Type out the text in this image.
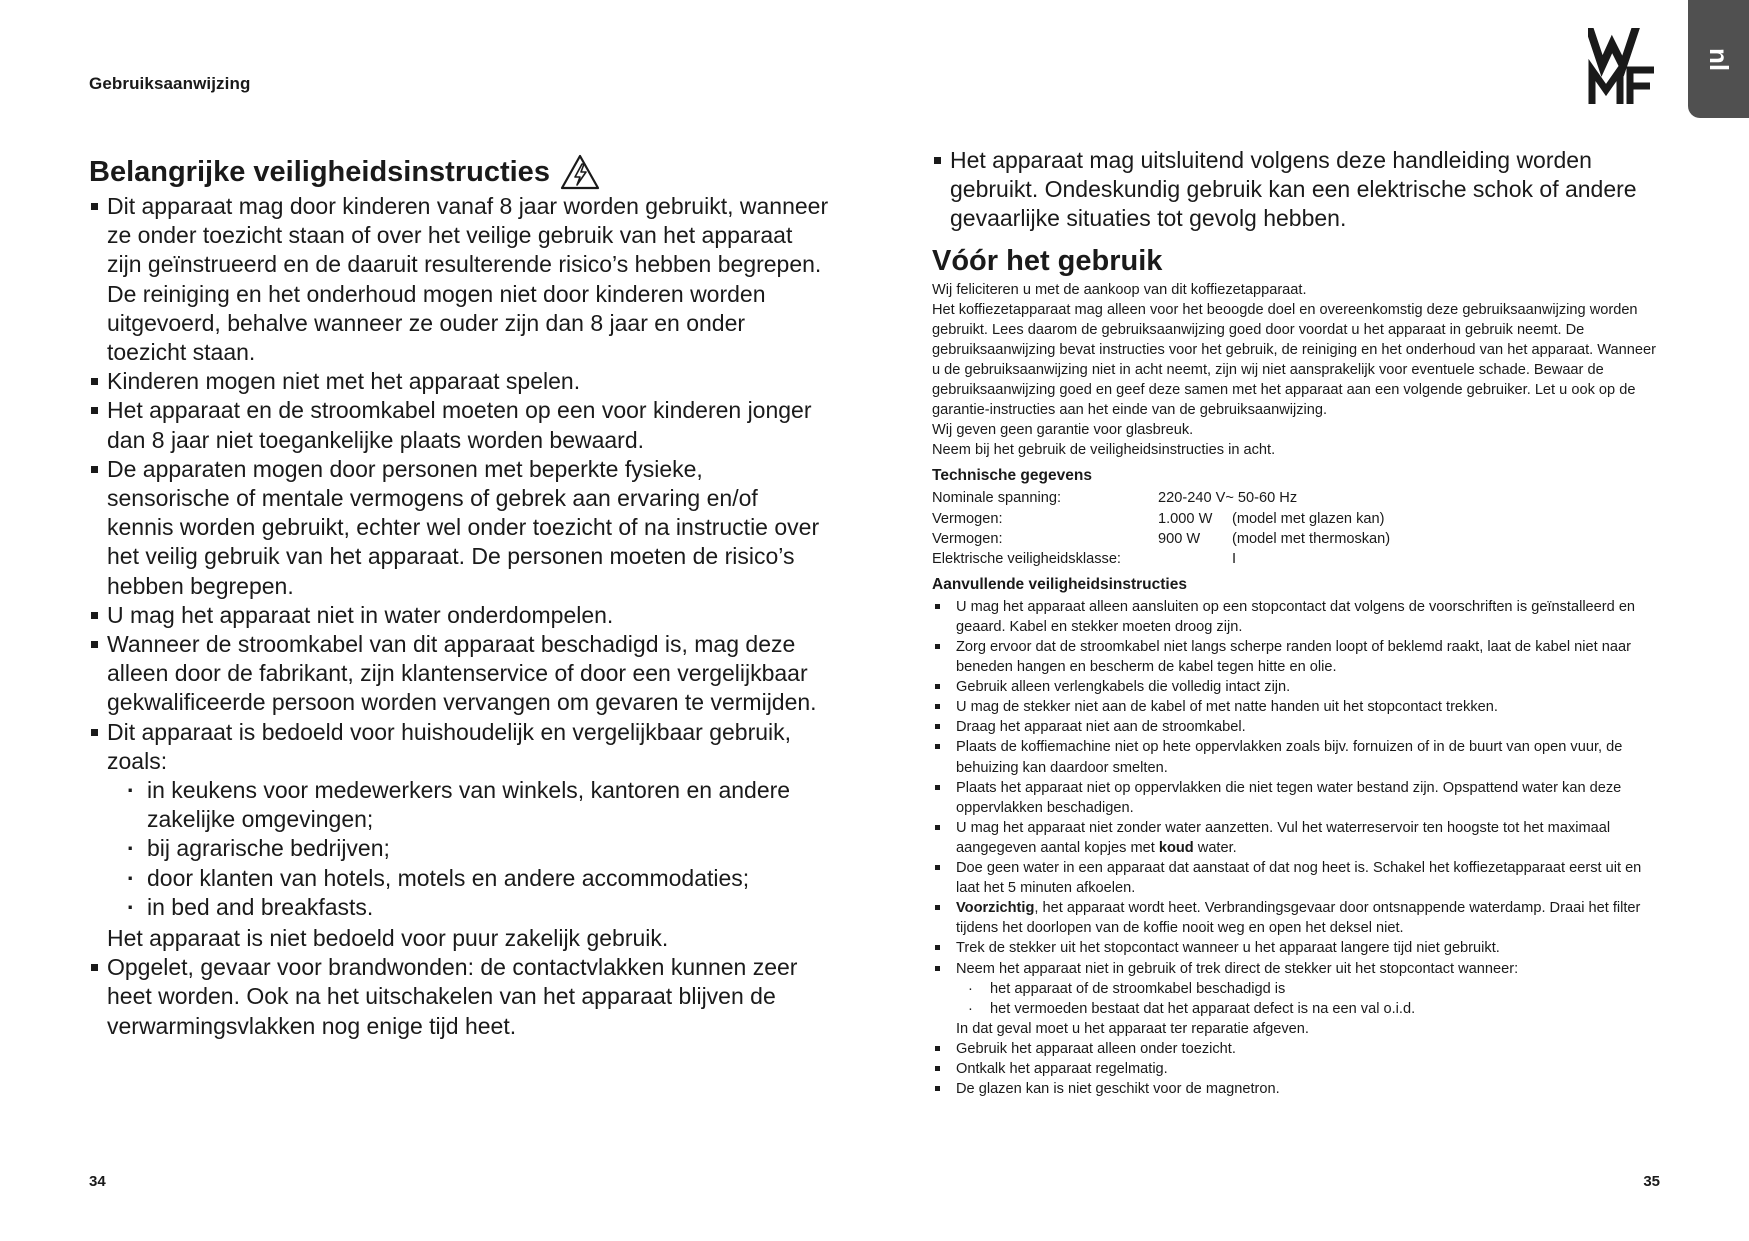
Gebruiksaanwijzing
Belangrijke veiligheidsinstructies
Dit apparaat mag door kinderen vanaf 8 jaar worden gebruikt, wanneer ze onder toezicht staan of over het veilige gebruik van het apparaat zijn geïnstrueerd en de daaruit resulterende risico’s hebben begrepen.
De reiniging en het onderhoud mogen niet door kinderen worden uitgevoerd, behalve wanneer ze ouder zijn dan 8 jaar en onder toezicht staan.
Kinderen mogen niet met het apparaat spelen.
Het apparaat en de stroomkabel moeten op een voor kinderen jonger dan 8 jaar niet toegankelijke plaats worden bewaard.
De apparaten mogen door personen met beperkte fysieke, sensorische of mentale vermogens of gebrek aan ervaring en/of kennis worden gebruikt, echter wel onder toezicht of na instructie over het veilig gebruik van het apparaat. De personen moeten de risico’s hebben begrepen.
U mag het apparaat niet in water onderdompelen.
Wanneer de stroomkabel van dit apparaat beschadigd is, mag deze alleen door de fabrikant, zijn klantenservice of door een vergelijkbaar gekwalificeerde persoon worden vervangen om gevaren te vermijden.
Dit apparaat is bedoeld voor huishoudelijk en vergelijkbaar gebruik, zoals:
· in keukens voor medewerkers van winkels, kantoren en andere zakelijke omgevingen;
· bij agrarische bedrijven;
· door klanten van hotels, motels en andere accommodaties;
· in bed and breakfasts.
Het apparaat is niet bedoeld voor puur zakelijk gebruik.
Opgelet, gevaar voor brandwonden: de contactvlakken kunnen zeer heet worden. Ook na het uitschakelen van het apparaat blijven de verwarmingsvlakken nog enige tijd heet.
34
Het apparaat mag uitsluitend volgens deze handleiding worden gebruikt. Ondeskundig gebruik kan een elektrische schok of andere gevaarlijke situaties tot gevolg hebben.
Vóór het gebruik

Wij feliciteren u met de aankoop van dit koffiezetapparaat.

Het koffiezetapparaat mag alleen voor het beoogde doel en overeenkomstig deze gebruiksaanwijzing worden gebruikt. Lees daarom de gebruiksaanwijzing goed door voordat u het apparaat in gebruik neemt. De gebruiksaanwijzing bevat instructies voor het gebruik, de reiniging en het onderhoud van het apparaat. Wanneer u de gebruiksaanwijzing niet in acht neemt, zijn wij niet aansprakelijk voor eventuele schade. Bewaar de gebruiksaanwijzing goed en geef deze samen met het apparaat aan een volgende gebruiker. Let u ook op de garantie-instructies aan het einde van de gebruiksaanwijzing.

Wij geven geen garantie voor glasbreuk.

Neem bij het gebruik de veiligheidsinstructies in acht.

Technische gegevens
Nominale spanning:	220-240 V~ 50-60 Hz	
Vermogen:	1.000 W	(model met glazen kan)
Vermogen:	900 W	(model met thermoskan)
Elektrische veiligheidsklasse:		I
Aanvullende veiligheidsinstructies
U mag het apparaat alleen aansluiten op een stopcontact dat volgens de voorschriften is geïnstalleerd en geaard. Kabel en stekker moeten droog zijn.
Zorg ervoor dat de stroomkabel niet langs scherpe randen loopt of beklemd raakt, laat de kabel niet naar beneden hangen en bescherm de kabel tegen hitte en olie.
Gebruik alleen verlengkabels die volledig intact zijn.
U mag de stekker niet aan de kabel of met natte handen uit het stopcontact trekken.
Draag het apparaat niet aan de stroomkabel.
Plaats de koffiemachine niet op hete oppervlakken zoals bijv. fornuizen of in de buurt van open vuur, de behuizing kan daardoor smelten.
Plaats het apparaat niet op oppervlakken die niet tegen water bestand zijn. Opspattend water kan deze oppervlakken beschadigen.
U mag het apparaat niet zonder water aanzetten. Vul het waterreservoir ten hoogste tot het maximaal aangegeven aantal kopjes met koud water.
Doe geen water in een apparaat dat aanstaat of dat nog heet is. Schakel het koffiezetapparaat eerst uit en laat het 5 minuten afkoelen.
Voorzichtig, het apparaat wordt heet. Verbrandingsgevaar door ontsnappende waterdamp. Draai het filter tijdens het doorlopen van de koffie nooit weg en open het deksel niet.
Trek de stekker uit het stopcontact wanneer u het apparaat langere tijd niet gebruikt.
Neem het apparaat niet in gebruik of trek direct de stekker uit het stopcontact wanneer:
· het apparaat of de stroomkabel beschadigd is
· het vermoeden bestaat dat het apparaat defect is na een val o.i.d.
In dat geval moet u het apparaat ter reparatie afgeven.
Gebruik het apparaat alleen onder toezicht.
Ontkalk het apparaat regelmatig.
De glazen kan is niet geschikt voor de magnetron.
nl
35
